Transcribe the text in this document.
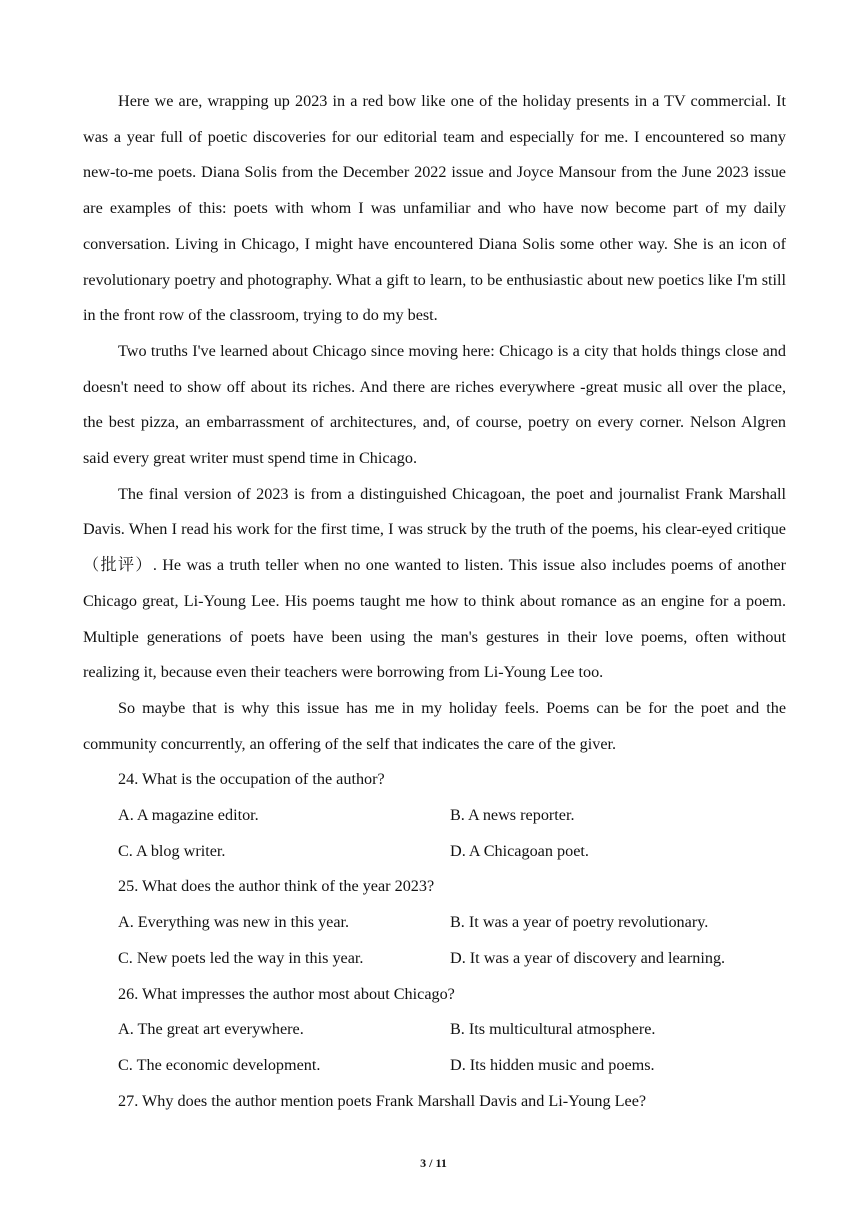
Here we are, wrapping up 2023 in a red bow like one of the holiday presents in a TV commercial. It was a year full of poetic discoveries for our editorial team and especially for me. I encountered so many new-to-me poets. Diana Solis from the December 2022 issue and Joyce Mansour from the June 2023 issue are examples of this: poets with whom I was unfamiliar and who have now become part of my daily conversation. Living in Chicago, I might have encountered Diana Solis some other way. She is an icon of revolutionary poetry and photography. What a gift to learn, to be enthusiastic about new poetics like I'm still in the front row of the classroom, trying to do my best.

Two truths I've learned about Chicago since moving here: Chicago is a city that holds things close and doesn't need to show off about its riches. And there are riches everywhere -great music all over the place, the best pizza, an embarrassment of architectures, and, of course, poetry on every corner. Nelson Algren said every great writer must spend time in Chicago.

The final version of 2023 is from a distinguished Chicagoan, the poet and journalist Frank Marshall Davis. When I read his work for the first time, I was struck by the truth of the poems, his clear-eyed critique （批评）. He was a truth teller when no one wanted to listen. This issue also includes poems of another Chicago great, Li-Young Lee. His poems taught me how to think about romance as an engine for a poem. Multiple generations of poets have been using the man's gestures in their love poems, often without realizing it, because even their teachers were borrowing from Li-Young Lee too.

So maybe that is why this issue has me in my holiday feels. Poems can be for the poet and the community concurrently, an offering of the self that indicates the care of the giver.

24. What is the occupation of the author?

A. A magazine editor.	B. A news reporter.
C. A blog writer.	D. A Chicagoan poet.

25. What does the author think of the year 2023?

A. Everything was new in this year.	B. It was a year of poetry revolutionary.
C. New poets led the way in this year.	D. It was a year of discovery and learning.

26. What impresses the author most about Chicago?

A. The great art everywhere.	B. Its multicultural atmosphere.
C. The economic development.	D. Its hidden music and poems.

27. Why does the author mention poets Frank Marshall Davis and Li-Young Lee?

3 / 11
